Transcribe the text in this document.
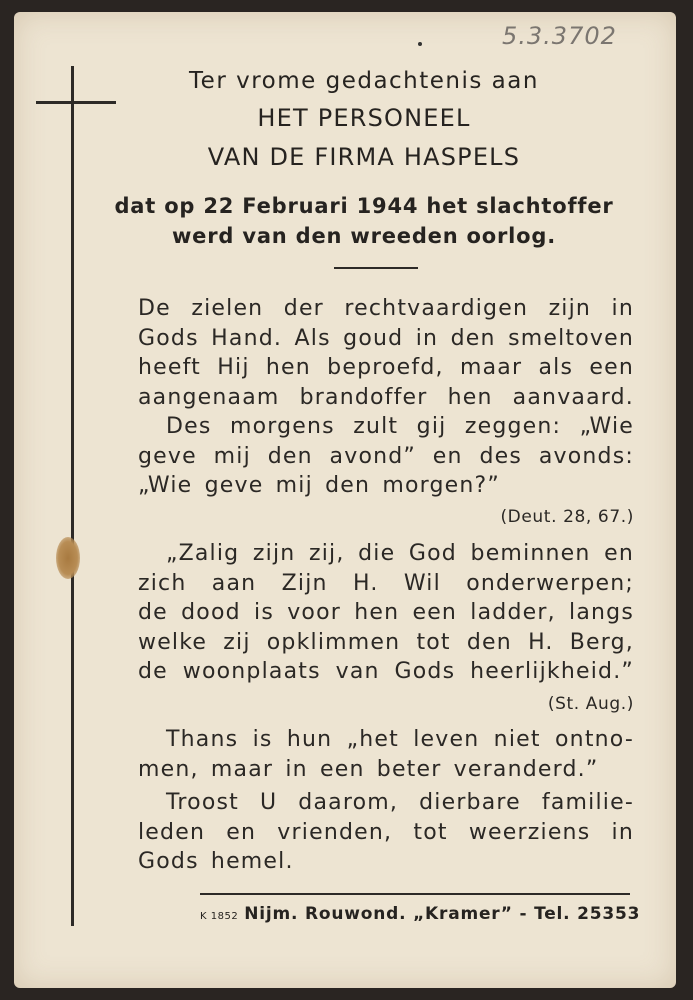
5.3.3702
Ter vrome gedachtenis aan
HET PERSONEEL
VAN DE FIRMA HASPELS
dat op 22 Februari 1944 het slachtoffer
werd van den wreeden oorlog.
De zielen der rechtvaardigen zijn in
Gods Hand. Als goud in den smeltoven
heeft Hij hen beproefd, maar als een
aangenaam brandoffer hen aanvaard.
Des morgens zult gij zeggen: „Wie
geve mij den avond” en des avonds:
„Wie geve mij den morgen?”
(Deut. 28, 67.)
„Zalig zijn zij, die God beminnen en
zich aan Zijn H. Wil onderwerpen;
de dood is voor hen een ladder, langs
welke zij opklimmen tot den H. Berg,
de woonplaats van Gods heerlijkheid.”
(St. Aug.)
Thans is hun „het leven niet ontno-
men, maar in een beter veranderd.”
Troost U daarom, dierbare familie-
leden en vrienden, tot weerziens in
Gods hemel.
K 1852 Nijm. Rouwond. „Kramer” - Tel. 25353
